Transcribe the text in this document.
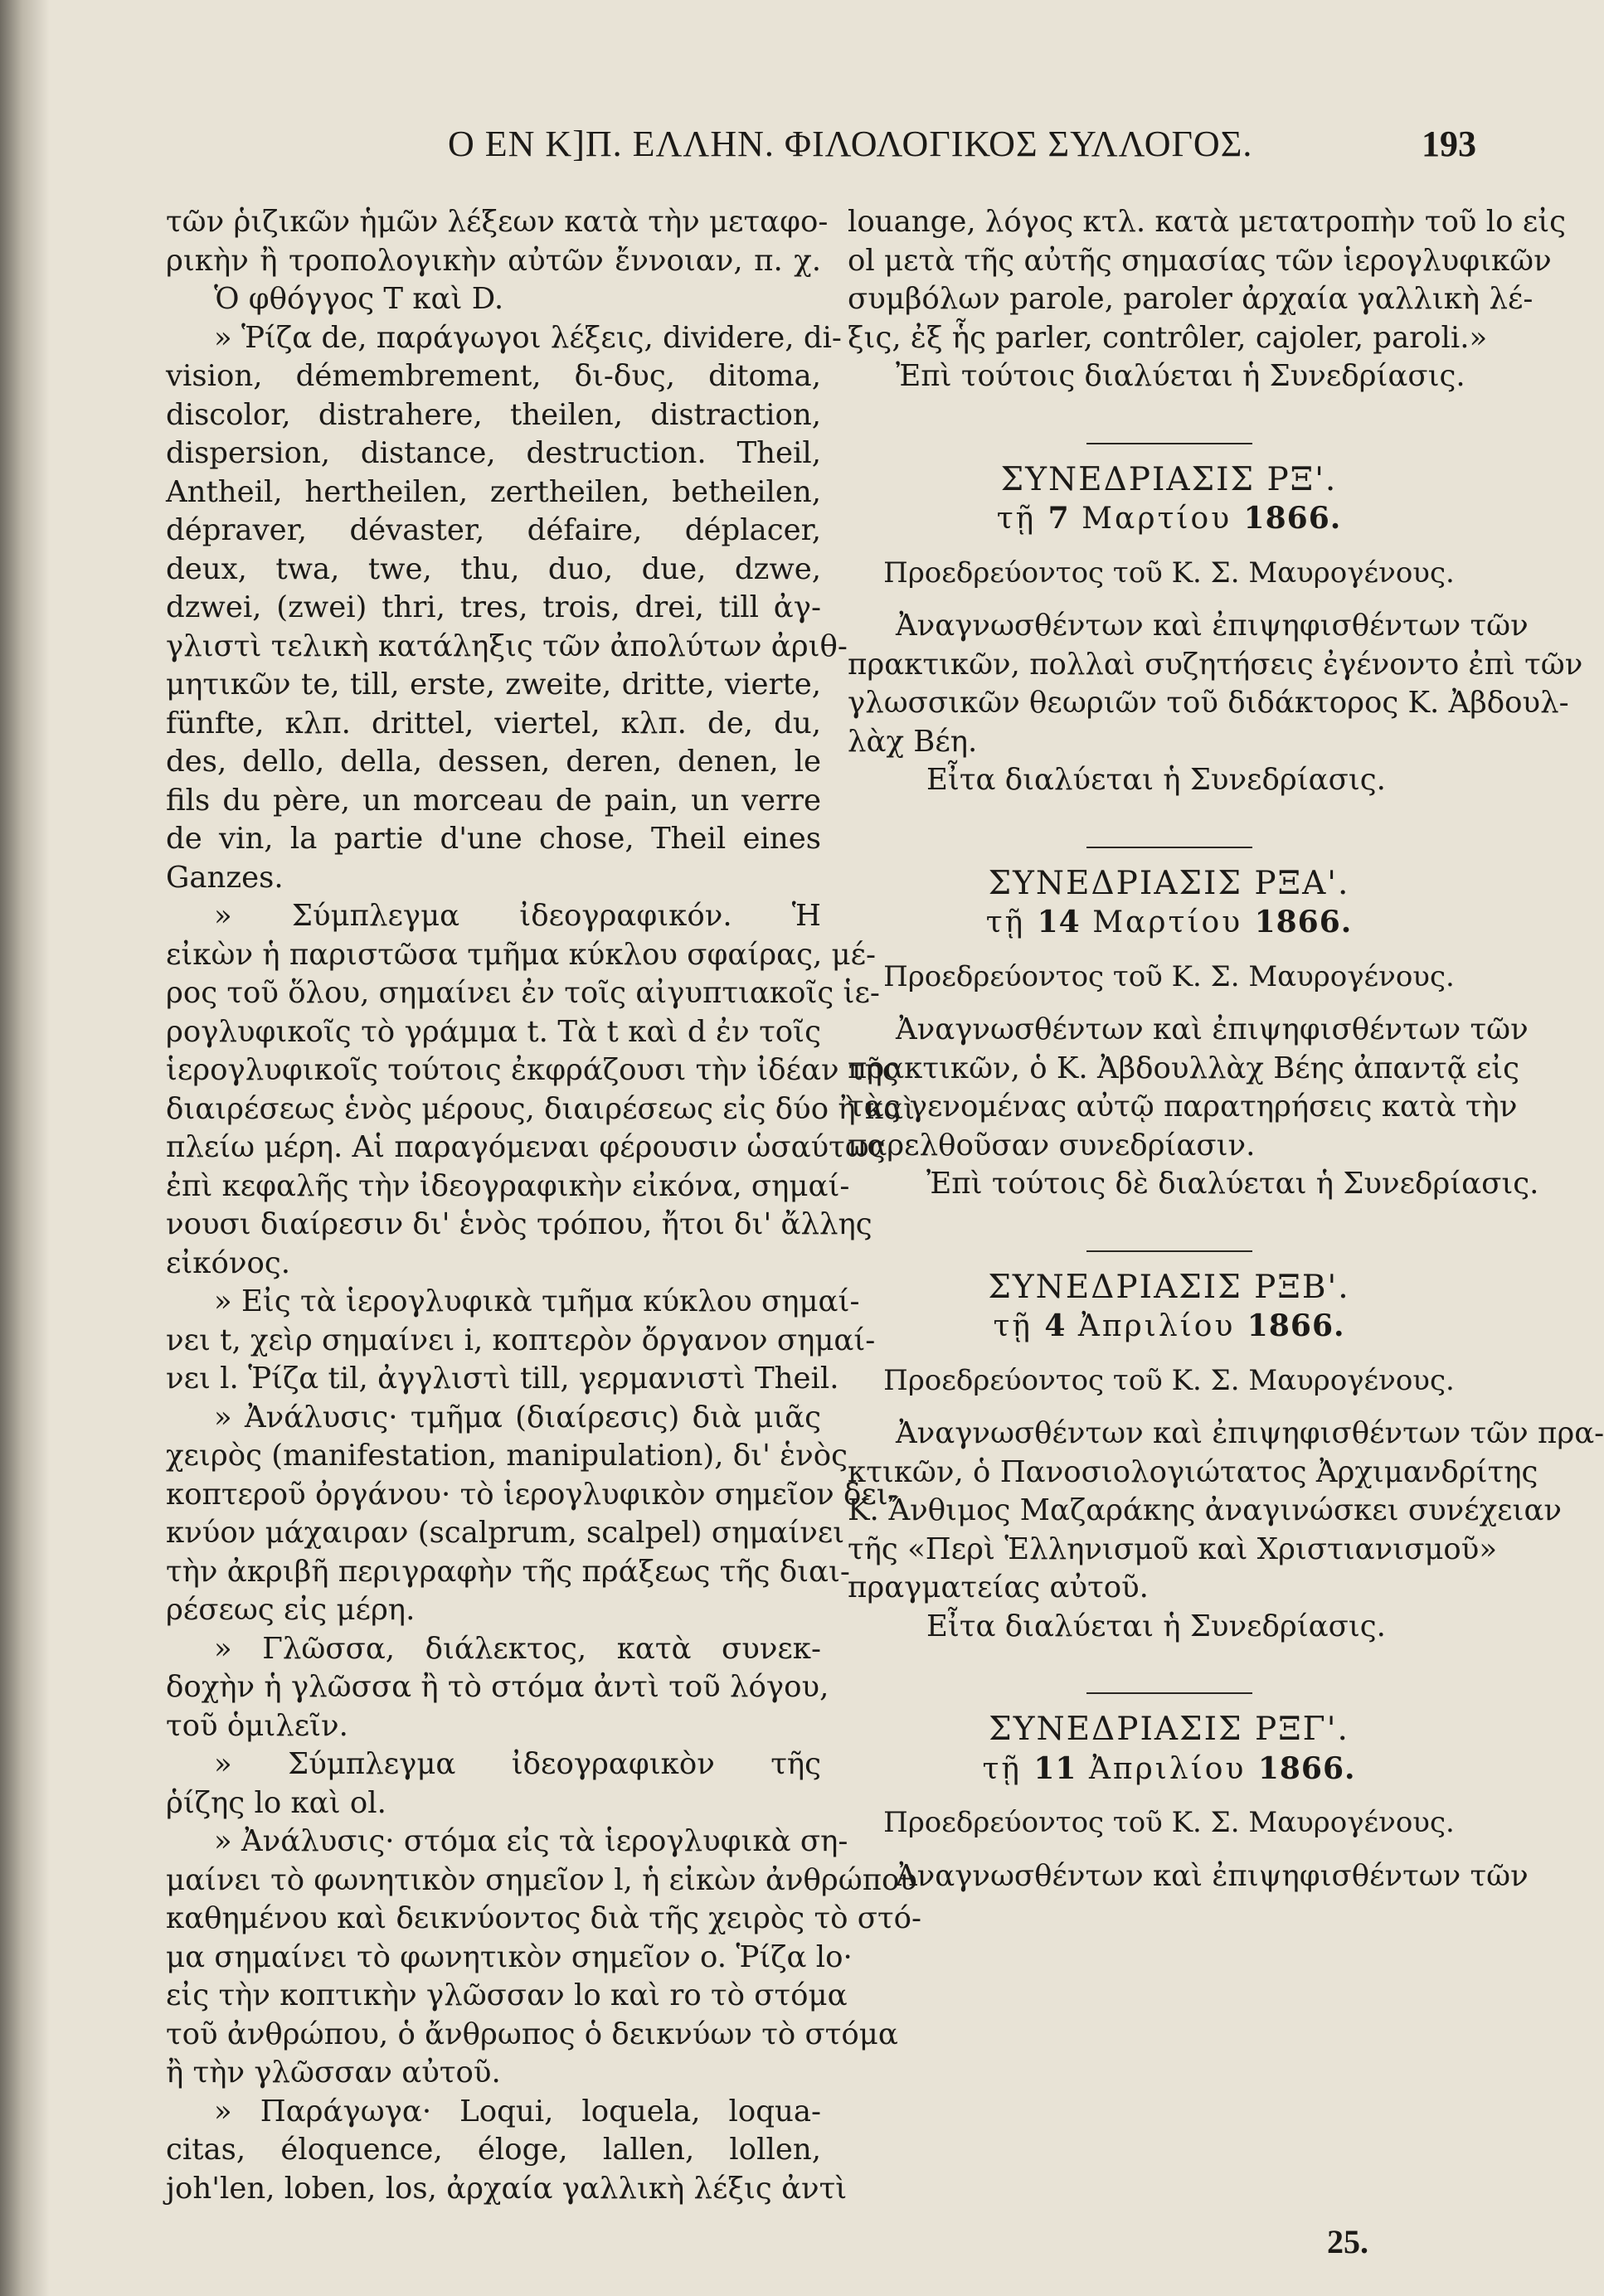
Ο ΕΝ Κ]Π. ΕΛΛΗΝ. ΦΙΛΟΛΟΓΙΚΟΣ ΣΥΛΛΟΓΟΣ.	193
τῶν ῥιζικῶν ἡμῶν λέξεων κατὰ τὴν μεταφο-
ρικὴν ἢ τροπολογικὴν αὐτῶν ἔννοιαν, π. χ.
Ὁ φθόγγος T καὶ D.
» Ῥίζα de, παράγωγοι λέξεις, dividere, di-
vision, démembrement, δι-δυς, ditoma,
discolor, distrahere, theilen, distraction,
dispersion, distance, destruction. Theil,
Antheil, hertheilen, zertheilen, betheilen,
dépraver, dévaster, défaire, déplacer,
deux, twa, twe, thu, duo, due, dzwe,
dzwei, (zwei) thri, tres, trois, drei, till ἀγ-
γλιστὶ τελικὴ κατάληξις τῶν ἀπολύτων ἀριθ-
μητικῶν te, till, erste, zweite, dritte, vierte,
fünfte, κλπ. drittel, viertel, κλπ. de, du,
des, dello, della, dessen, deren, denen, le
fils du père, un morceau de pain, un verre
de vin, la partie d'une chose, Theil eines
Ganzes.
» Σύμπλεγμα ἰδεογραφικόν. Ἡ
εἰκὼν ἡ παριστῶσα τμῆμα κύκλου σφαίρας, μέ-
ρος τοῦ ὅλου, σημαίνει ἐν τοῖς αἰγυπτιακοῖς ἱε-
ρογλυφικοῖς τὸ γράμμα t. Τὰ t καὶ d ἐν τοῖς
ἱερογλυφικοῖς τούτοις ἐκφράζουσι τὴν ἰδέαν τῆς
διαιρέσεως ἑνὸς μέρους, διαιρέσεως εἰς δύο ἢ καὶ
πλείω μέρη. Αἱ παραγόμεναι φέρουσιν ὡσαύτως
ἐπὶ κεφαλῆς τὴν ἰδεογραφικὴν εἰκόνα, σημαί-
νουσι διαίρεσιν δι' ἑνὸς τρόπου, ἤτοι δι' ἄλλης
εἰκόνος.
» Εἰς τὰ ἱερογλυφικὰ τμῆμα κύκλου σημαί-
νει t, χεὶρ σημαίνει i, κοπτερὸν ὄργανον σημαί-
νει l. Ῥίζα til, ἀγγλιστὶ till, γερμανιστὶ Theil.
» Ἀνάλυσις· τμῆμα (διαίρεσις) διὰ μιᾶς
χειρὸς (manifestation, manipulation), δι' ἑνὸς
κοπτεροῦ ὀργάνου· τὸ ἱερογλυφικὸν σημεῖον δει-
κνύον μάχαιραν (scalprum, scalpel) σημαίνει
τὴν ἀκριβῆ περιγραφὴν τῆς πράξεως τῆς διαι-
ρέσεως εἰς μέρη.
» Γλῶσσα, διάλεκτος, κατὰ συνεκ-
δοχὴν ἡ γλῶσσα ἢ τὸ στόμα ἀντὶ τοῦ λόγου,
τοῦ ὁμιλεῖν.
» Σύμπλεγμα ἰδεογραφικὸν τῆς
ῥίζης lo καὶ ol.
» Ἀνάλυσις· στόμα εἰς τὰ ἱερογλυφικὰ ση-
μαίνει τὸ φωνητικὸν σημεῖον l, ἡ εἰκὼν ἀνθρώπου
καθημένου καὶ δεικνύοντος διὰ τῆς χειρὸς τὸ στό-
μα σημαίνει τὸ φωνητικὸν σημεῖον o. Ῥίζα lo·
εἰς τὴν κοπτικὴν γλῶσσαν lo καὶ ro τὸ στόμα
τοῦ ἀνθρώπου, ὁ ἄνθρωπος ὁ δεικνύων τὸ στόμα
ἢ τὴν γλῶσσαν αὐτοῦ.
» Παράγωγα· Loqui, loquela, loqua-
citas, éloquence, éloge, lallen, lollen,
joh'len, loben, los, ἀρχαία γαλλικὴ λέξις ἀντὶ
louange, λόγος κτλ. κατὰ μετατροπὴν τοῦ lo εἰς
ol μετὰ τῆς αὐτῆς σημασίας τῶν ἱερογλυφικῶν
συμβόλων parole, paroler ἀρχαία γαλλικὴ λέ-
ξις, ἐξ ἧς parler, contrôler, cajoler, paroli.»
Ἐπὶ τούτοις διαλύεται ἡ Συνεδρίασις.
ΣΥΝΕΔΡΙΑΣΙΣ ΡΞ'.
τῇ 7 Μαρτίου 1866.
Προεδρεύοντος τοῦ Κ. Σ. Μαυρογένους.
Ἀναγνωσθέντων καὶ ἐπιψηφισθέντων τῶν
πρακτικῶν, πολλαὶ συζητήσεις ἐγένοντο ἐπὶ τῶν
γλωσσικῶν θεωριῶν τοῦ διδάκτορος Κ. Ἀβδουλ-
λὰχ Βέη.
Εἶτα διαλύεται ἡ Συνεδρίασις.
ΣΥΝΕΔΡΙΑΣΙΣ ΡΞΑ'.
τῇ 14 Μαρτίου 1866.
Προεδρεύοντος τοῦ Κ. Σ. Μαυρογένους.
Ἀναγνωσθέντων καὶ ἐπιψηφισθέντων τῶν
πρακτικῶν, ὁ Κ. Ἀβδουλλὰχ Βέης ἀπαντᾷ εἰς
τὰς γενομένας αὐτῷ παρατηρήσεις κατὰ τὴν
παρελθοῦσαν συνεδρίασιν.
Ἐπὶ τούτοις δὲ διαλύεται ἡ Συνεδρίασις.
ΣΥΝΕΔΡΙΑΣΙΣ ΡΞΒ'.
τῇ 4 Ἀπριλίου 1866.
Προεδρεύοντος τοῦ Κ. Σ. Μαυρογένους.
Ἀναγνωσθέντων καὶ ἐπιψηφισθέντων τῶν πρα-
κτικῶν, ὁ Πανοσιολογιώτατος Ἀρχιμανδρίτης
Κ. Ἄνθιμος Μαζαράκης ἀναγινώσκει συνέχειαν
τῆς «Περὶ Ἑλληνισμοῦ καὶ Χριστιανισμοῦ»
πραγματείας αὐτοῦ.
Εἶτα διαλύεται ἡ Συνεδρίασις.
ΣΥΝΕΔΡΙΑΣΙΣ ΡΞΓ'.
τῇ 11 Ἀπριλίου 1866.
Προεδρεύοντος τοῦ Κ. Σ. Μαυρογένους.
Ἀναγνωσθέντων καὶ ἐπιψηφισθέντων τῶν
25.
